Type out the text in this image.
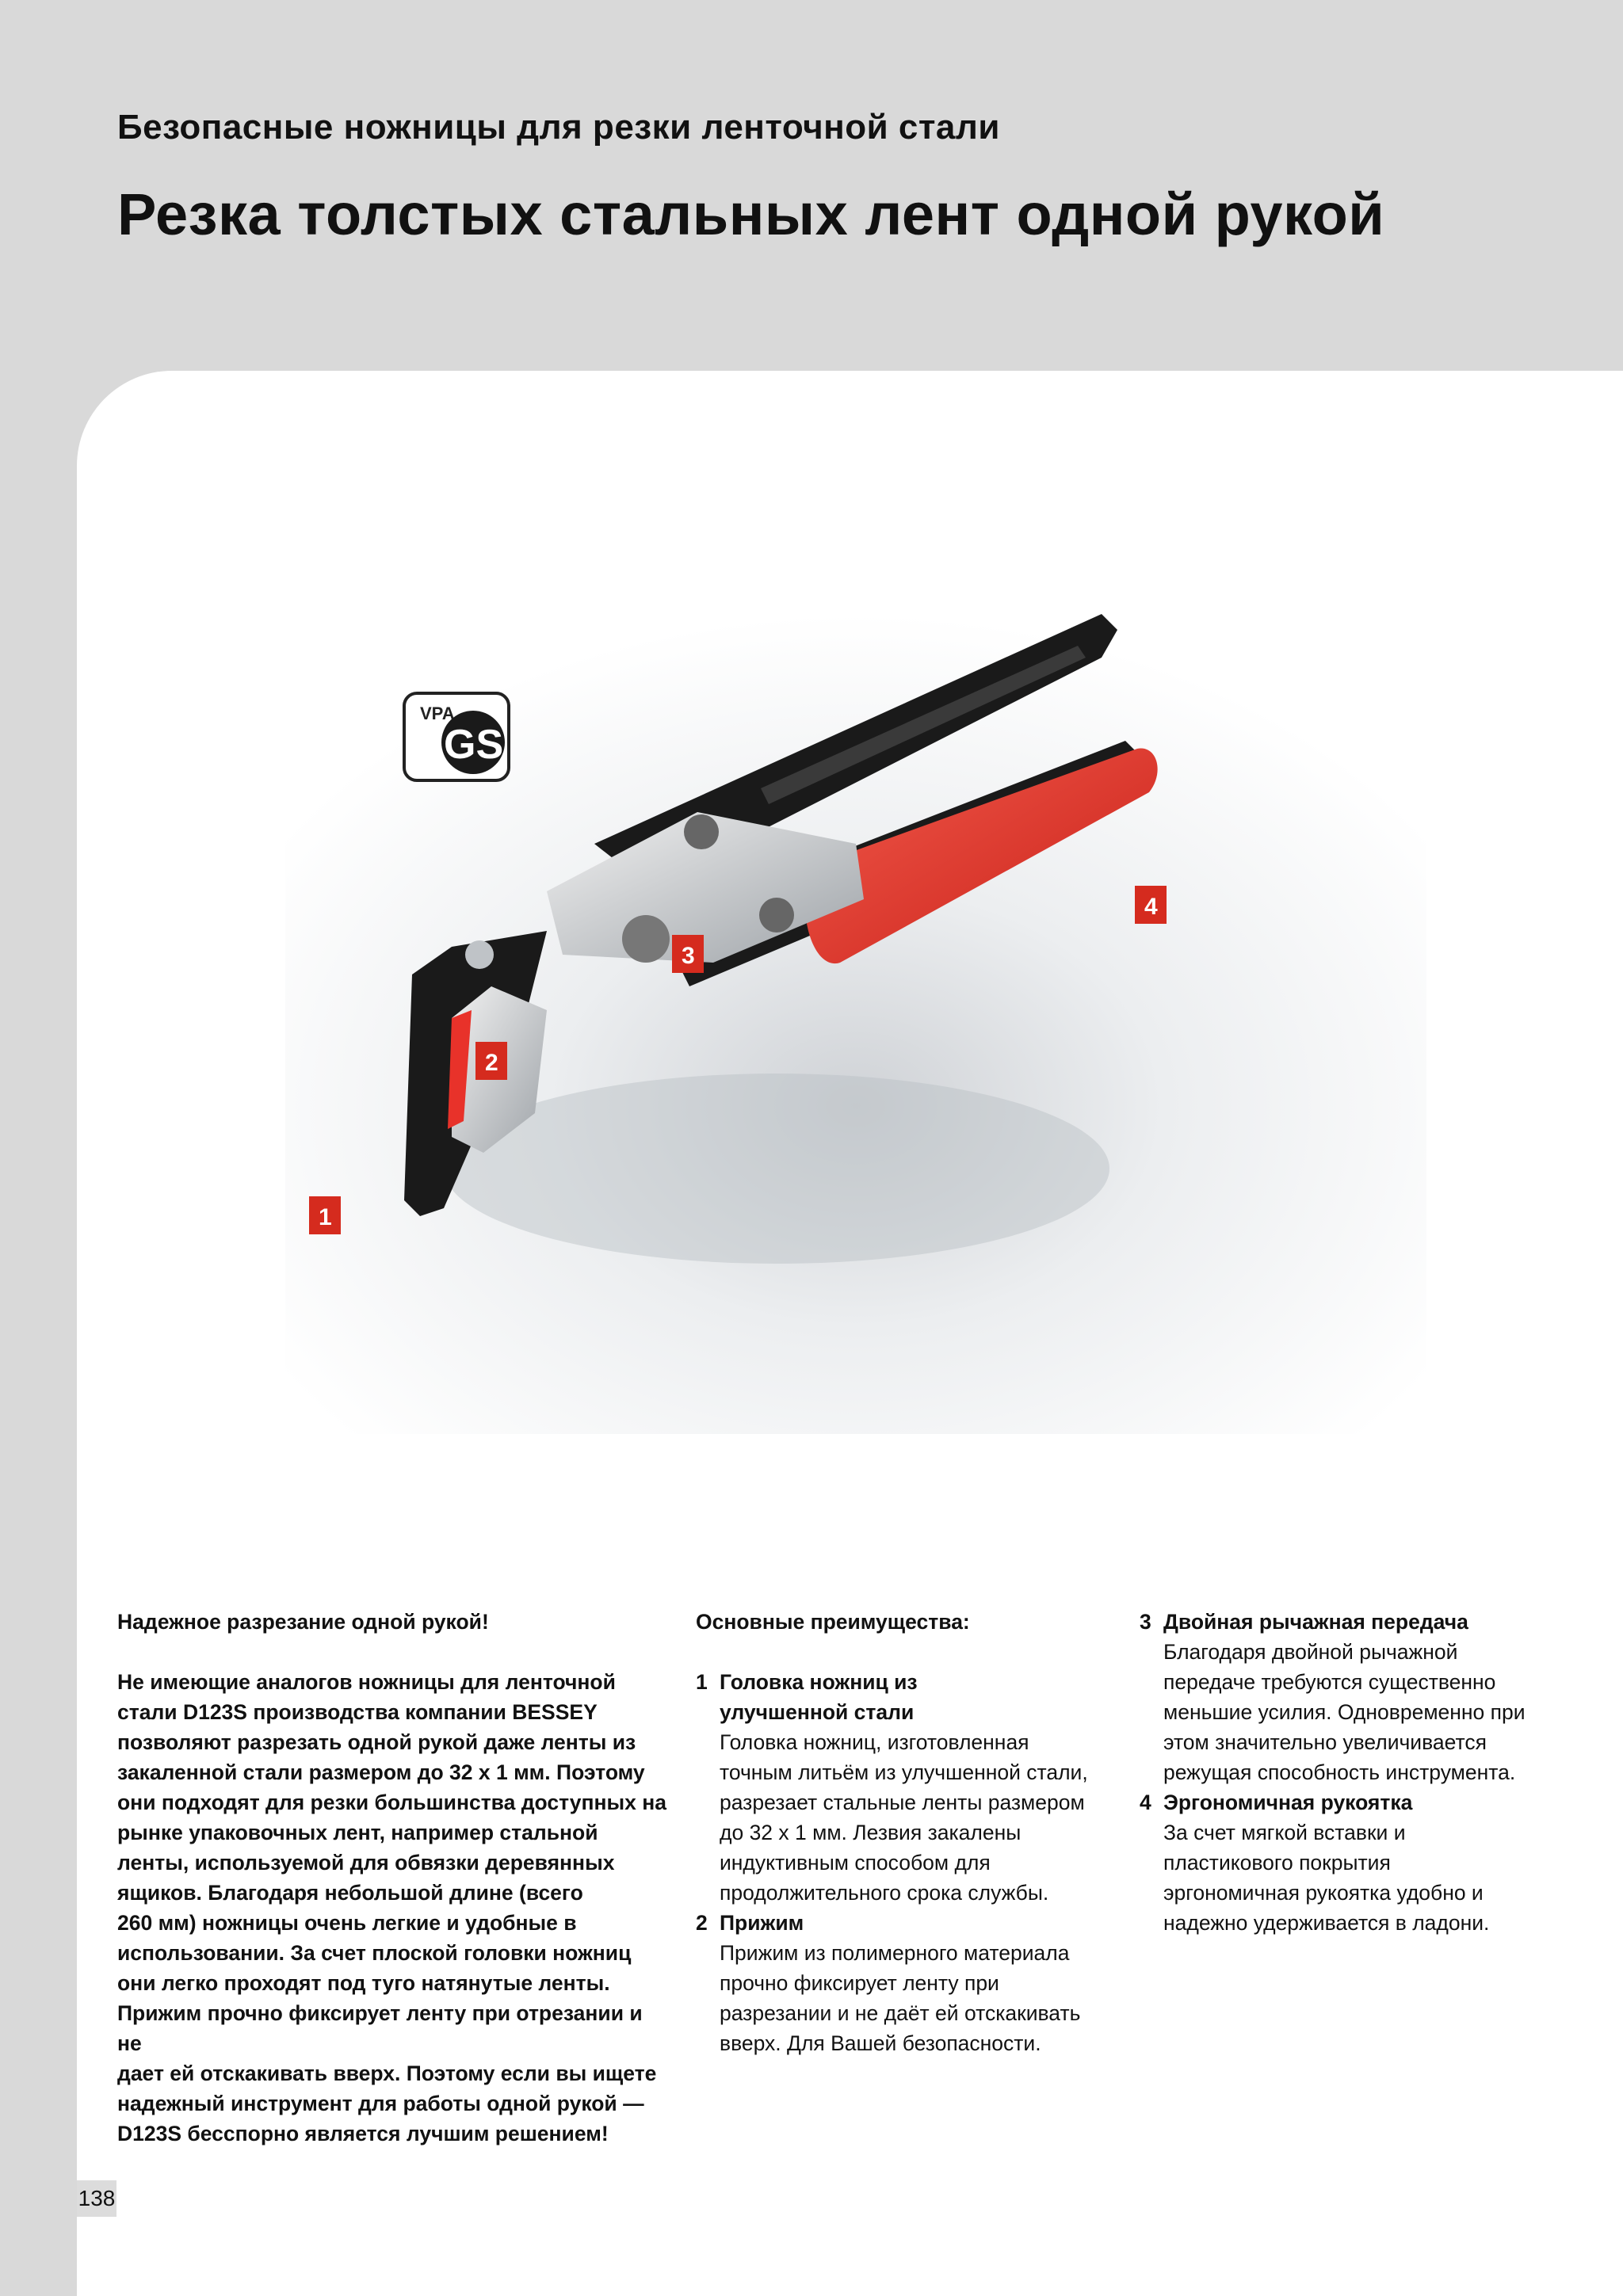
Безопасные ножницы для резки ленточной стали
Резка толстых стальных лент одной рукой
VPA
GS
1
2
3
4

Надежное разрезание одной рукой!

Не имеющие аналогов ножницы для ленточной
стали D123S производства компании BESSEY
позволяют разрезать одной рукой даже ленты из
закаленной стали размером до 32 х 1 мм. Поэтому
они подходят для резки большинства доступных на
рынке упаковочных лент, например стальной
ленты, используемой для обвязки деревянных
ящиков. Благодаря небольшой длине (всего
260 мм) ножницы очень легкие и удобные в
использовании. За счет плоской головки ножниц
они легко проходят под туго натянутые ленты.
Прижим прочно фиксирует ленту при отрезании и не
дает ей отскакивать вверх. Поэтому если вы ищете
надежный инструмент для работы одной рукой —
D123S бесспорно является лучшим решением!

Основные преимущества:

1 Головка ножниц из
улучшенной стали
Головка ножниц, изготовленная
точным литьём из улучшенной стали,
разрезает стальные ленты размером
до 32 х 1 мм. Лезвия закалены
индуктивным способом для
продолжительного срока службы.
2 Прижим
Прижим из полимерного материала
прочно фиксирует ленту при
разрезании и не даёт ей отскакивать
вверх. Для Вашей безопасности.
3 Двойная рычажная передача
Благодаря двойной рычажной
передаче требуются существенно
меньшие усилия. Одновременно при
этом значительно увеличивается
режущая способность инструмента.
4 Эргономичная рукоятка
За счет мягкой вставки и
пластикового покрытия
эргономичная рукоятка удобно и
надежно удерживается в ладони.
138
